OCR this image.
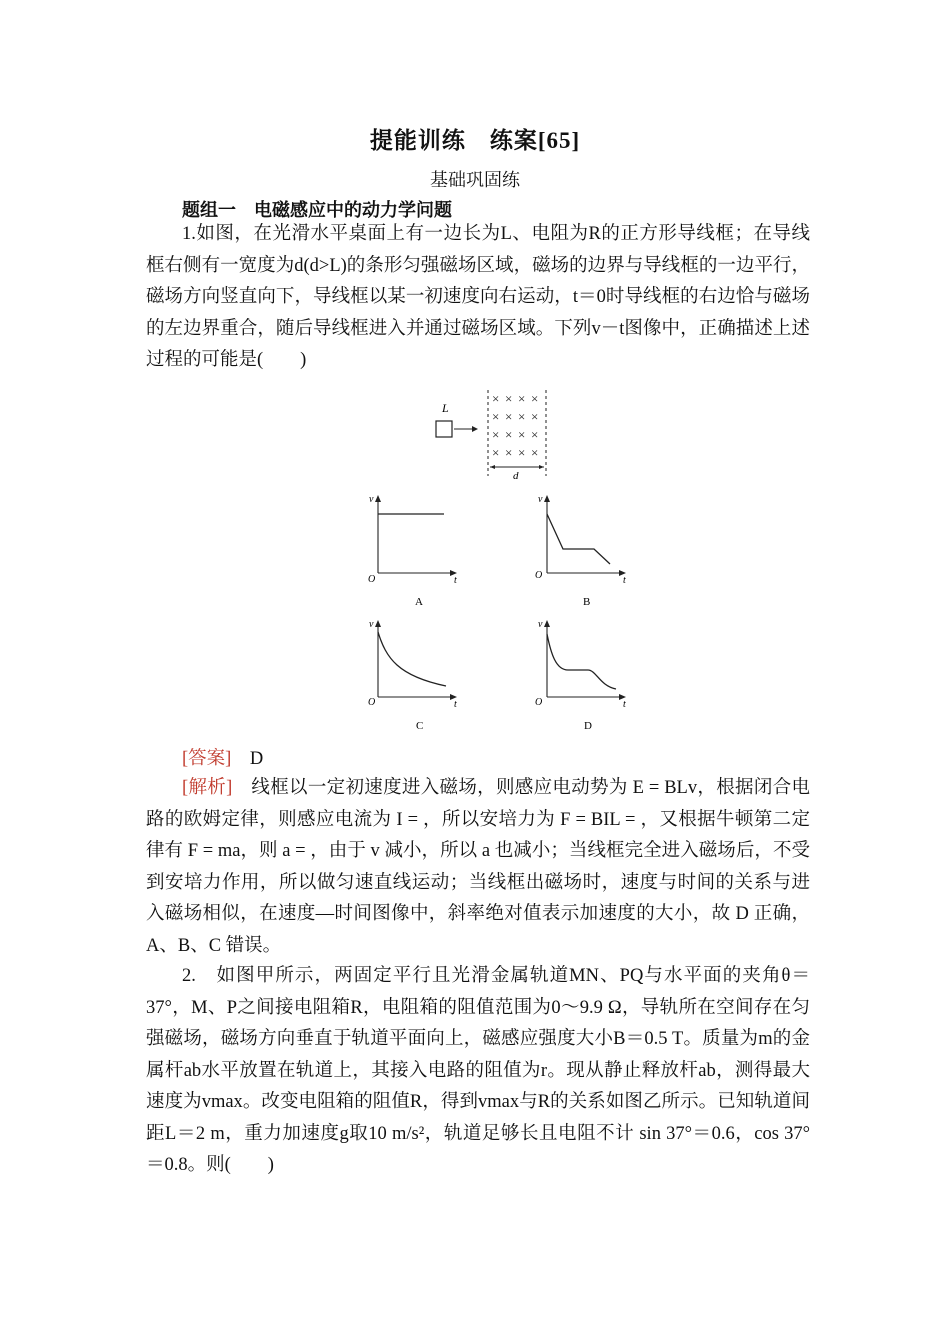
提能训练　练案[65]
基础巩固练
题组一　电磁感应中的动力学问题
1.如图，在光滑水平桌面上有一边长为L、电阻为R的正方形导线框；在导线框右侧有一宽度为d(d>L)的条形匀强磁场区域，磁场的边界与导线框的一边平行，磁场方向竖直向下，导线框以某一初速度向右运动，t＝0时导线框的右边恰与磁场的左边界重合，随后导线框进入并通过磁场区域。下列v－t图像中，正确描述上述过程的可能是(　　)
L
× × × ×
× × × ×
× × × ×
× × × ×
d
v
t
O
A
v
t
O
B
v
t
O
C
v
t
O
D
[答案]　 D
[解析]　 线框以一定初速度进入磁场，则感应电动势为 E = BLv，根据闭合电路的欧姆定律，则感应电流为 I = ，所以安培力为 F = BIL = ，又根据牛顿第二定律有 F = ma，则 a = ，由于 v 减小，所以 a 也减小；当线框完全进入磁场后，不受到安培力作用，所以做匀速直线运动；当线框出磁场时，速度与时间的关系与进入磁场相似，在速度—时间图像中，斜率绝对值表示加速度的大小，故 D 正确，A、B、C 错误。
2.　如图甲所示，两固定平行且光滑金属轨道MN、PQ与水平面的夹角θ＝37°，M、P之间接电阻箱R，电阻箱的阻值范围为0～9.9 Ω，导轨所在空间存在匀强磁场，磁场方向垂直于轨道平面向上，磁感应强度大小B＝0.5 T。质量为m的金属杆ab水平放置在轨道上，其接入电路的阻值为r。现从静止释放杆ab，测得最大速度为vmax。改变电阻箱的阻值R，得到vmax与R的关系如图乙所示。已知轨道间距L＝2 m，重力加速度g取10 m/s²，轨道足够长且电阻不计 sin 37°＝0.6，cos 37°＝0.8。则(　　)
